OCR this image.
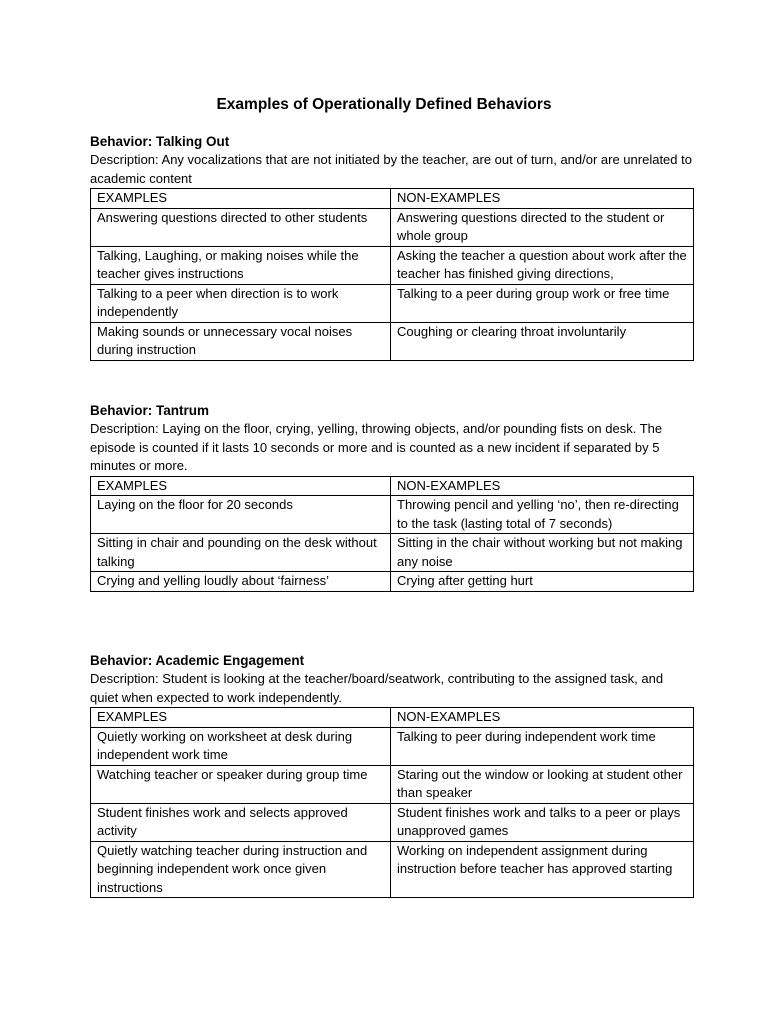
Examples of Operationally Defined Behaviors
Behavior: Talking Out
Description: Any vocalizations that are not initiated by the teacher, are out of turn, and/or are unrelated to academic content
EXAMPLES	NON-EXAMPLES
Answering questions directed to other students	Answering questions directed to the student or whole group
Talking, Laughing, or making noises while the teacher gives instructions	Asking the teacher a question about work after the teacher has finished giving directions,
Talking to a peer when direction is to work independently	Talking to a peer during group work or free time
Making sounds or unnecessary vocal noises during instruction	Coughing or clearing throat involuntarily
Behavior: Tantrum
Description: Laying on the floor, crying, yelling, throwing objects, and/or pounding fists on desk. The episode is counted if it lasts 10 seconds or more and is counted as a new incident if separated by 5 minutes or more.
EXAMPLES	NON-EXAMPLES
Laying on the floor for 20 seconds	Throwing pencil and yelling ‘no’, then re-directing to the task (lasting total of 7 seconds)
Sitting in chair and pounding on the desk without talking	Sitting in the chair without working but not making any noise
Crying and yelling loudly about ‘fairness’	Crying after getting hurt
Behavior: Academic Engagement
Description: Student is looking at the teacher/board/seatwork, contributing to the assigned task, and quiet when expected to work independently.
EXAMPLES	NON-EXAMPLES
Quietly working on worksheet at desk during independent work time	Talking to peer during independent work time
Watching teacher or speaker during group time	Staring out the window or looking at student other than speaker
Student finishes work and selects approved activity	Student finishes work and talks to a peer or plays unapproved games
Quietly watching teacher during instruction and beginning independent work once given instructions	Working on independent assignment during instruction before teacher has approved starting
